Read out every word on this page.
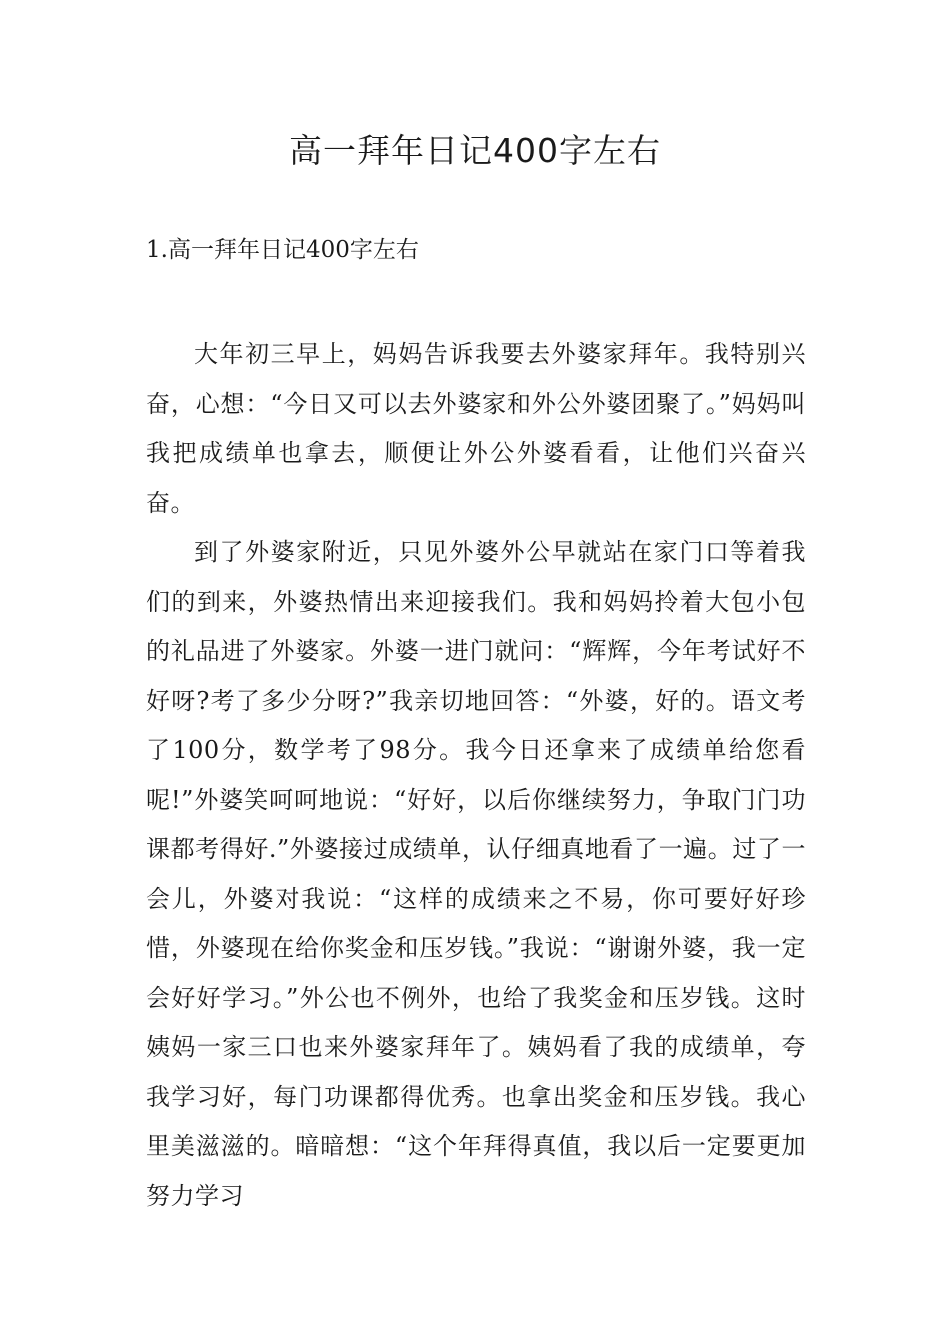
高一拜年日记400字左右
1.高一拜年日记400字左右

大年初三早上，妈妈告诉我要去外婆家拜年。我特别兴奋，心想：“今日又可以去外婆家和外公外婆团聚了。”妈妈叫我把成绩单也拿去，顺便让外公外婆看看，让他们兴奋兴奋。

到了外婆家附近，只见外婆外公早就站在家门口等着我们的到来，外婆热情出来迎接我们。我和妈妈拎着大包小包的礼品进了外婆家。外婆一进门就问：“辉辉，今年考试好不好呀?考了多少分呀?”我亲切地回答：“外婆，好的。语文考了100分，数学考了98分。我今日还拿来了成绩单给您看呢!”外婆笑呵呵地说：“好好，以后你继续努力，争取门门功课都考得好.”外婆接过成绩单，认仔细真地看了一遍。过了一会儿，外婆对我说：“这样的成绩来之不易，你可要好好珍惜，外婆现在给你奖金和压岁钱。”我说：“谢谢外婆，我一定会好好学习。”外公也不例外，也给了我奖金和压岁钱。这时姨妈一家三口也来外婆家拜年了。姨妈看了我的成绩单，夸我学习好，每门功课都得优秀。也拿出奖金和压岁钱。我心里美滋滋的。暗暗想：“这个年拜得真值，我以后一定要更加努力学习
